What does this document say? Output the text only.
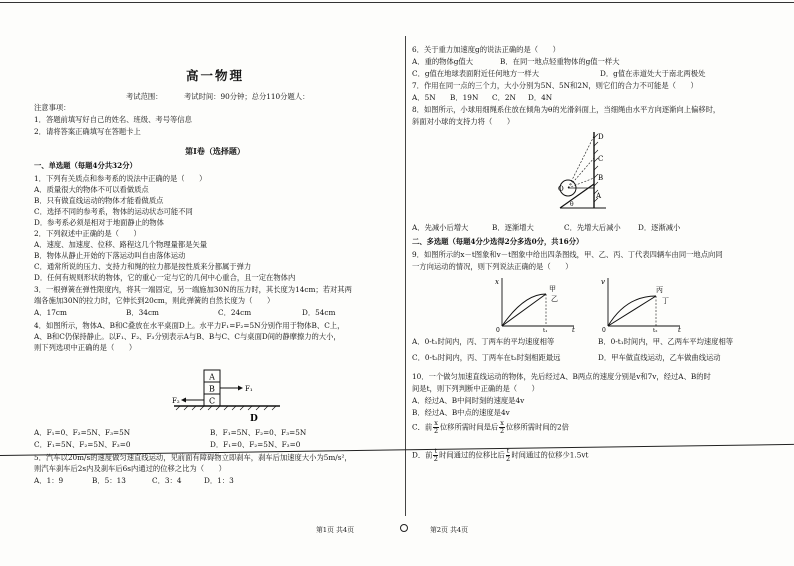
高一物理
考试范围：	考试时间：90分钟；总分110分题人：
注意事项：
1．答题前填写好自己的姓名、班级、考号等信息
2．请将答案正确填写在答题卡上
第I卷（选择题）
一、单选题（每题4分共32分）
1．下列有关质点和参考系的说法中正确的是（　　）
A．质量很大的物体不可以看做质点
B．只有做直线运动的物体才能看做质点
C．选择不同的参考系，物体的运动状态可能不同
D．参考系必须是相对于地面静止的物体
2．下列叙述中正确的是（　　）
A．速度、加速度、位移、路程这几个物理量都是矢量
B．物体从静止开始的下落运动叫自由落体运动
C．通常所说的压力、支持力和绳的拉力都是按性质来分都属于弹力
D．任何有规则形状的物体，它的重心一定与它的几何中心重合，且一定在物体内
3．一根弹簧在弹性限度内，将其一端固定，另一端施加30N的压力时，其长度为14cm；若对其两
端各施加30N的拉力时，它伸长到20cm，则此弹簧的自然长度为（　　）
A．17cm	B．34cm	C．24cm	D．54cm
4．如图所示，物体A、B和C叠放在水平桌面D上。水平力F₁=F₂=5N分别作用于物体B、C上，
A、B和C仍保持静止。以F₁、F₂、F₃分别表示A与B、B与C、C与桌面D间的静摩擦力的大小，
则下列选项中正确的是（　　）
A
B
C
F₁
F₂
D
A．F₁=0、F₂=5N、F₃=5N	B．F₁=5N、F₂=0、F₃=5N
C．F₁=5N、F₂=5N、F₃=0	D．F₁=0、F₂=5N、F₃=0
5．汽车以20m/s的速度做匀速直线运动，见前面有障碍物立即刹车，刹车后加速度大小为5m/s²，
则汽车刹车后2s内及刹车后6s内通过的位移之比为（　　）
A．1：9	B．5：13	C．3：4	D．1：3
6．关于重力加速度g的说法正确的是（　　）
A．重的物体g值大	B．在同一地点轻重物体的g值一样大
C．g值在地球表面附近任何地方一样大	D．g值在赤道处大于南北两极处
7．作用在同一点的三个力，大小分别为5N、5N和2N，则它们的合力不可能是（　　）
A．5N B．19N C．2N D．4N
8．如图所示，小球用细绳系住放在倾角为θ的光滑斜面上，当细绳由水平方向逐渐向上偏移时，
斜面对小球的支持力将（　　）
D
C
B
A
O
θ
A．先减小后增大	B．逐渐增大	C．先增大后减小 D．逐渐减小
二、多选题（每题4分少选得2分多选0分，共16分）
9．如图所示的x－t图象和v－t图象中给出四条图线，甲、乙、丙、丁代表四辆车由同一地点向同
一方向运动的情况，则下列说法正确的是（　　）
x
t
0
甲
乙
t₁
v
t
0
丙
丁
t₂
A．0-t₁时间内，丙、丁两车的平均速度相等	B．0-t₁时间内，甲、乙两车平均速度相等
C．0-t₂时间内，丙、丁两车在t₂时刻相距最远	D．甲车做直线运动，乙车做曲线运动
10．一个做匀加速直线运动的物体，先后经过A、B两点的速度分别是v和7v，经过A、B的时
间是t，则下列判断中正确的是（　　）
A．经过A、B中间时刻的速度是4v
B．经过A、B中点的速度是4v
C．前 $\frac{x}{2}$ 位移所需时间是后 $\frac{x}{2}$ 位移所需时间的2倍
D．前 $\frac{t}{2}$ 时间通过的位移比后 $\frac{t}{2}$ 时间通过的位移少1.5vt
第1页 共4页	第2页 共4页
